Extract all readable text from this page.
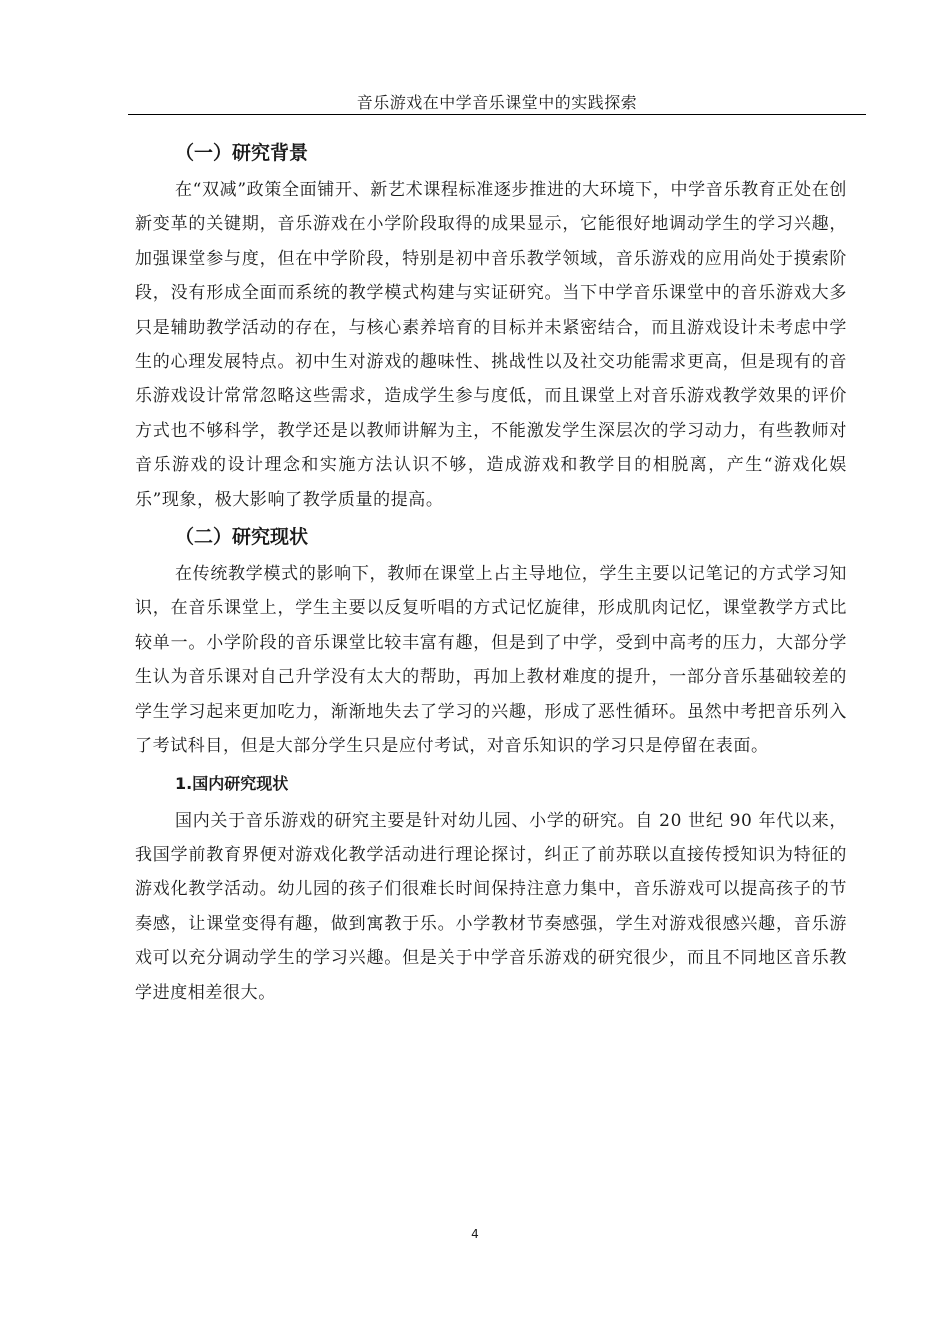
音乐游戏在中学音乐课堂中的实践探索
（一）研究背景

在“双减”政策全面铺开、新艺术课程标准逐步推进的大环境下，中学音乐教育正处在创新变革的关键期，音乐游戏在小学阶段取得的成果显示，它能很好地调动学生的学习兴趣，加强课堂参与度，但在中学阶段，特别是初中音乐教学领域，音乐游戏的应用尚处于摸索阶段，没有形成全面而系统的教学模式构建与实证研究。当下中学音乐课堂中的音乐游戏大多只是辅助教学活动的存在，与核心素养培育的目标并未紧密结合，而且游戏设计未考虑中学生的心理发展特点。初中生对游戏的趣味性、挑战性以及社交功能需求更高，但是现有的音乐游戏设计常常忽略这些需求，造成学生参与度低，而且课堂上对音乐游戏教学效果的评价方式也不够科学，教学还是以教师讲解为主，不能激发学生深层次的学习动力，有些教师对音乐游戏的设计理念和实施方法认识不够，造成游戏和教学目的相脱离，产生“游戏化娱乐”现象，极大影响了教学质量的提高。

（二）研究现状

在传统教学模式的影响下，教师在课堂上占主导地位，学生主要以记笔记的方式学习知识，在音乐课堂上，学生主要以反复听唱的方式记忆旋律，形成肌肉记忆，课堂教学方式比较单一。小学阶段的音乐课堂比较丰富有趣，但是到了中学，受到中高考的压力，大部分学生认为音乐课对自己升学没有太大的帮助，再加上教材难度的提升，一部分音乐基础较差的学生学习起来更加吃力，渐渐地失去了学习的兴趣，形成了恶性循环。虽然中考把音乐列入了考试科目，但是大部分学生只是应付考试，对音乐知识的学习只是停留在表面。

1.国内研究现状

国内关于音乐游戏的研究主要是针对幼儿园、小学的研究。自 20 世纪 90 年代以来，我国学前教育界便对游戏化教学活动进行理论探讨，纠正了前苏联以直接传授知识为特征的游戏化教学活动。幼儿园的孩子们很难长时间保持注意力集中，音乐游戏可以提高孩子的节奏感，让课堂变得有趣，做到寓教于乐。小学教材节奏感强，学生对游戏很感兴趣，音乐游戏可以充分调动学生的学习兴趣。但是关于中学音乐游戏的研究很少，而且不同地区音乐教学进度相差很大。

4
